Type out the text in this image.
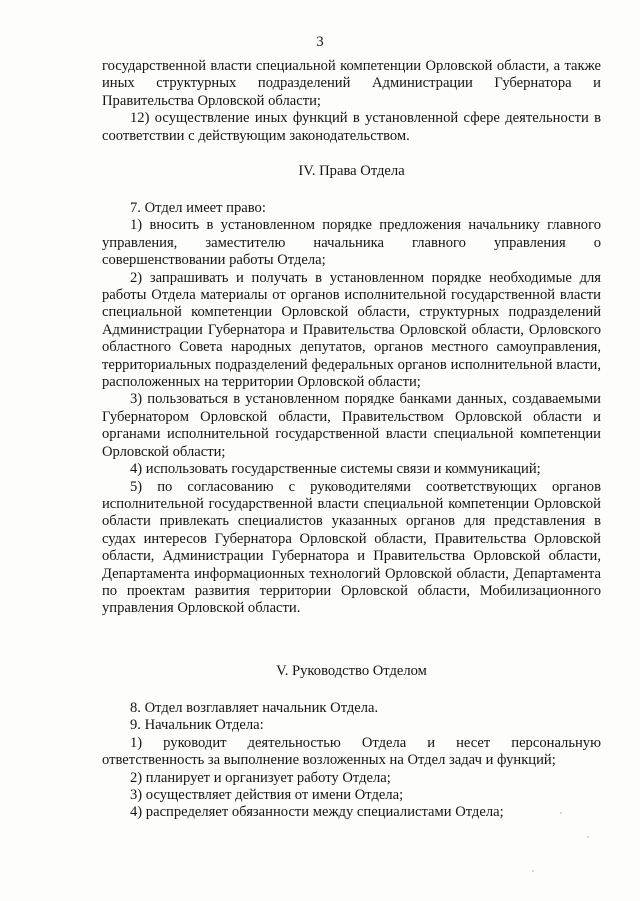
3

государственной власти специальной компетенции Орловской области, а также иных структурных подразделений Администрации Губернатора и Правительства Орловской области;

12) осуществление иных функций в установленной сфере деятельности в соответствии с действующим законодательством.

IV. Права Отдела

7. Отдел имеет право:

1) вносить в установленном порядке предложения начальнику главного управления, заместителю начальника главного управления о совершенствовании работы Отдела;

2) запрашивать и получать в установленном порядке необходимые для работы Отдела материалы от органов исполнительной государственной власти специальной компетенции Орловской области, структурных подразделений Администрации Губернатора и Правительства Орловской области, Орловского областного Совета народных депутатов, органов местного самоуправления, территориальных подразделений федеральных органов исполнительной власти, расположенных на территории Орловской области;

3) пользоваться в установленном порядке банками данных, создаваемыми Губернатором Орловской области, Правительством Орловской области и органами исполнительной государственной власти специальной компетенции Орловской области;

4) использовать государственные системы связи и коммуникаций;

5) по согласованию с руководителями соответствующих органов исполнительной государственной власти специальной компетенции Орловской области привлекать специалистов указанных органов для представления в судах интересов Губернатора Орловской области, Правительства Орловской области, Администрации Губернатора и Правительства Орловской области, Департамента информационных технологий Орловской области, Департамента по проектам развития территории Орловской области, Мобилизационного управления Орловской области.

V. Руководство Отделом

8. Отдел возглавляет начальник Отдела.

9. Начальник Отдела:

1) руководит деятельностью Отдела и несет персональную ответственность за выполнение возложенных на Отдел задач и функций;

2) планирует и организует работу Отдела;

3) осуществляет действия от имени Отдела;

4) распределяет обязанности между специалистами Отдела;
